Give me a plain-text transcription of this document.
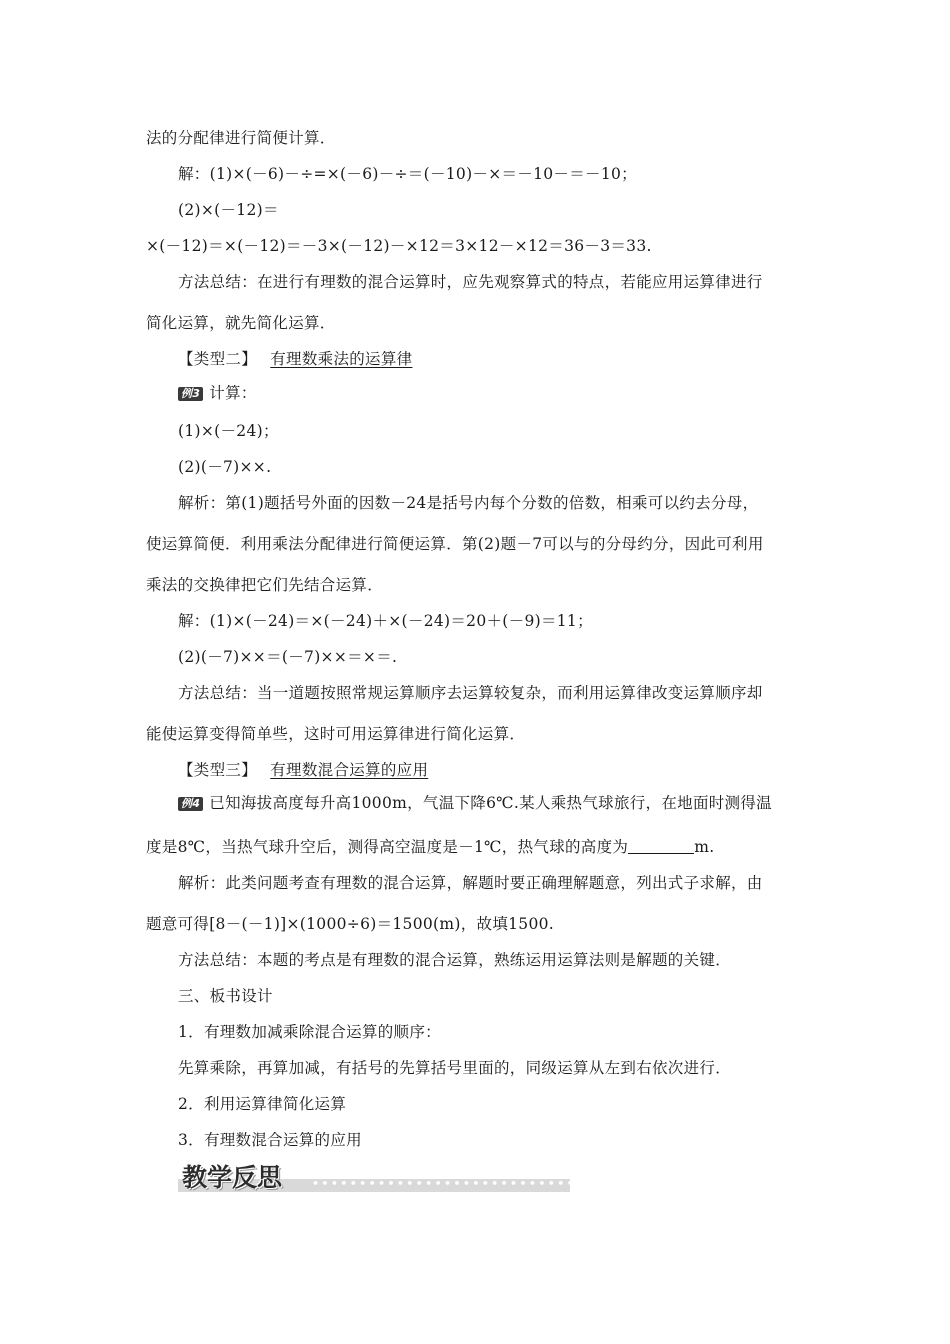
法的分配律进行简便计算．
解：(1)×(－6)－÷=×(－6)－÷＝(－10)－×＝－10－＝－10；
(2)×(－12)＝
×(－12)＝×(－12)＝－3×(－12)－×12＝3×12－×12＝36－3＝33.
方法总结：在进行有理数的混合运算时，应先观察算式的特点，若能应用运算律进行
简化运算，就先简化运算．
【类型二】 有理数乘法的运算律
例3 计算：
(1)×(－24)；
(2)(－7)××.
解析：第(1)题括号外面的因数－24是括号内每个分数的倍数，相乘可以约去分母，
使运算简便．利用乘法分配律进行简便运算．第(2)题－7可以与的分母约分，因此可利用
乘法的交换律把它们先结合运算．
解：(1)×(－24)＝×(－24)＋×(－24)＝20＋(－9)＝11；
(2)(－7)××＝(－7)××＝×＝.
方法总结：当一道题按照常规运算顺序去运算较复杂，而利用运算律改变运算顺序却
能使运算变得简单些，这时可用运算律进行简化运算．
【类型三】 有理数混合运算的应用
例4 已知海拔高度每升高1000m，气温下降6℃.某人乘热气球旅行，在地面时测得温
度是8℃，当热气球升空后，测得高空温度是－1℃，热气球的高度为	m.
解析：此类问题考查有理数的混合运算，解题时要正确理解题意，列出式子求解，由
题意可得[8－(－1)]×(1000÷6)＝1500(m)，故填1500.
方法总结：本题的考点是有理数的混合运算，熟练运用运算法则是解题的关键．
三、板书设计
1．有理数加减乘除混合运算的顺序：
先算乘除，再算加减，有括号的先算括号里面的，同级运算从左到右依次进行．
2．利用运算律简化运算
3．有理数混合运算的应用
••••••••••••••••••••••••••••••••••••••••
教学反思
